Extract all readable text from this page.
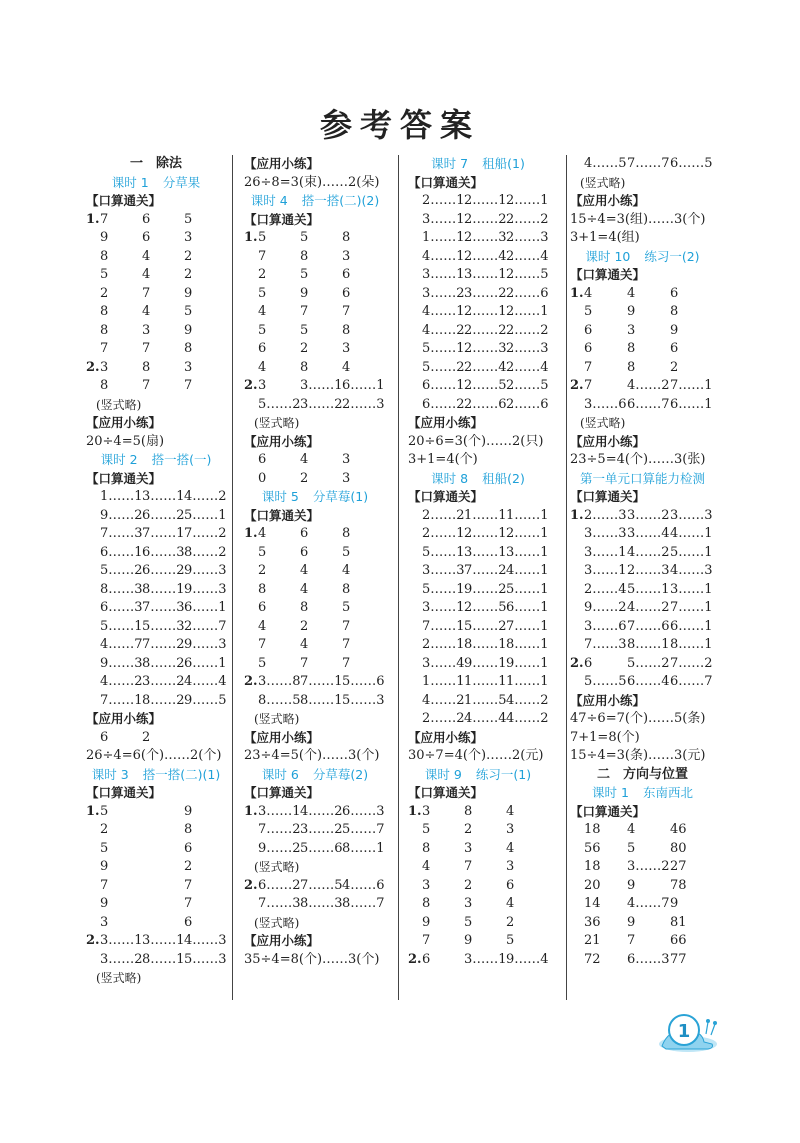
参考答案
一　除法
课时 1 分草果
【口算通关】
1. 7	6	5
9	6	3
8	4	2
5	4	2
2	7	9
8	4	5
8	3	9
7	7	8
2. 3	8	3
8	7	7
(竖式略)
【应用小练】
20÷4=5(扇)
课时 2 搭一搭(一)
【口算通关】
1……1 3……1 4……2
9……2 6……2 5……1
7……3 7……1 7……2
6……1 6……3 8……2
5……2 6……2 9……3
8……3 8……1 9……3
6……3 7……3 6……1
5……1 5……3 2……7
4……7 7……2 9……3
9……3 8……2 6……1
4……2 3……2 4……4
7……1 8……2 9……5
【应用小练】
6	2
26÷4=6(个)……2(个)
课时 3 搭一搭(二)(1)
【口算通关】
1. 5	9
2	8
5	6
9	2
7	7
9	7
3	6
2. 3……1 3……1 4……3
3……2 8……1 5……3
(竖式略)
【应用小练】
26÷8=3(束)……2(朵)
课时 4 搭一搭(二)(2)
【口算通关】
1. 5	5	8
7	8	3
2	5	6
5	9	6
4	7	7
5	5	8
6	2	3
4	8	4
2. 3	3……1 6……1
5……2 3……2 2……3
(竖式略)
【应用小练】
6	4	3
0	2	3
课时 5 分草莓(1)
【口算通关】
1. 4	6	8
5	6	5
2	4	4
8	4	8
6	8	5
4	2	7
7	4	7
5	7	7
2. 3……8 7……1 5……6
8……5 8……1 5……3
(竖式略)
【应用小练】
23÷4=5(个)……3(个)
课时 6 分草莓(2)
【口算通关】
1. 3……1 4……2 6……3
7……2 3……2 5……7
9……2 5……6 8……1
(竖式略)
2. 6……2 7……5 4……6
7……3 8……3 8……7
(竖式略)
【应用小练】
35÷4=8(个)……3(个)
课时 7 租船(1)
【口算通关】
2……1 2……1 2……1
3……1 2……2 2……2
1……1 2……3 2……3
4……1 2……4 2……4
3……1 3……1 2……5
3……2 3……2 2……6
4……1 2……1 2……1
4……2 2……2 2……2
5……1 2……3 2……3
5……2 2……4 2……4
6……1 2……5 2……5
6……2 2……6 2……6
【应用小练】
20÷6=3(个)……2(只)
3+1=4(个)
课时 8 租船(2)
【口算通关】
2……2 1……1 1……1
2……1 2……1 2……1
5……1 3……1 3……1
3……3 7……2 4……1
5……1 9……2 5……1
3……1 2……5 6……1
7……1 5……2 7……1
2……1 8……1 8……1
3……4 9……1 9……1
1……1 1……1 1……1
4……2 1……5 4……2
2……2 4……4 4……2
【应用小练】
30÷7=4(个)……2(元)
课时 9 练习一(1)
【口算通关】
1. 3	8	4
5	2	3
8	3	4
4	7	3
3	2	6
8	3	4
9	5	2
7	9	5
2. 6	3……1 9……4
4……5 7……7 6……5
(竖式略)
【应用小练】
15÷4=3(组)……3(个)
3+1=4(组)
课时 10 练习一(2)
【口算通关】
1. 4	4	6
5	9	8
6	3	9
6	8	6
7	8	2
2. 7	4……2 7……1
3……6 6……7 6……1
(竖式略)
【应用小练】
23÷5=4(个)……3(张)
第一单元口算能力检测
【口算通关】
1. 2……3 3……2 3……3
3……3 3……4 4……1
3……1 4……2 5……1
3……1 2……3 4……3
2……4 5……1 3……1
9……2 4……2 7……1
3……6 7……6 6……1
7……3 8……1 8……1
2. 6	5……2 7……2
5……5 6……4 6……7
【应用小练】
47÷6=7(个)……5(条)
7+1=8(个)
15÷4=3(条)……3(元)
二　方向与位置
课时 1 东南西北
【口算通关】
18	4	46
56	5	80
18	3……2 27
20	9	78
14	4……7 9
36	9	81
21	7	66
72	6……3 77
1
